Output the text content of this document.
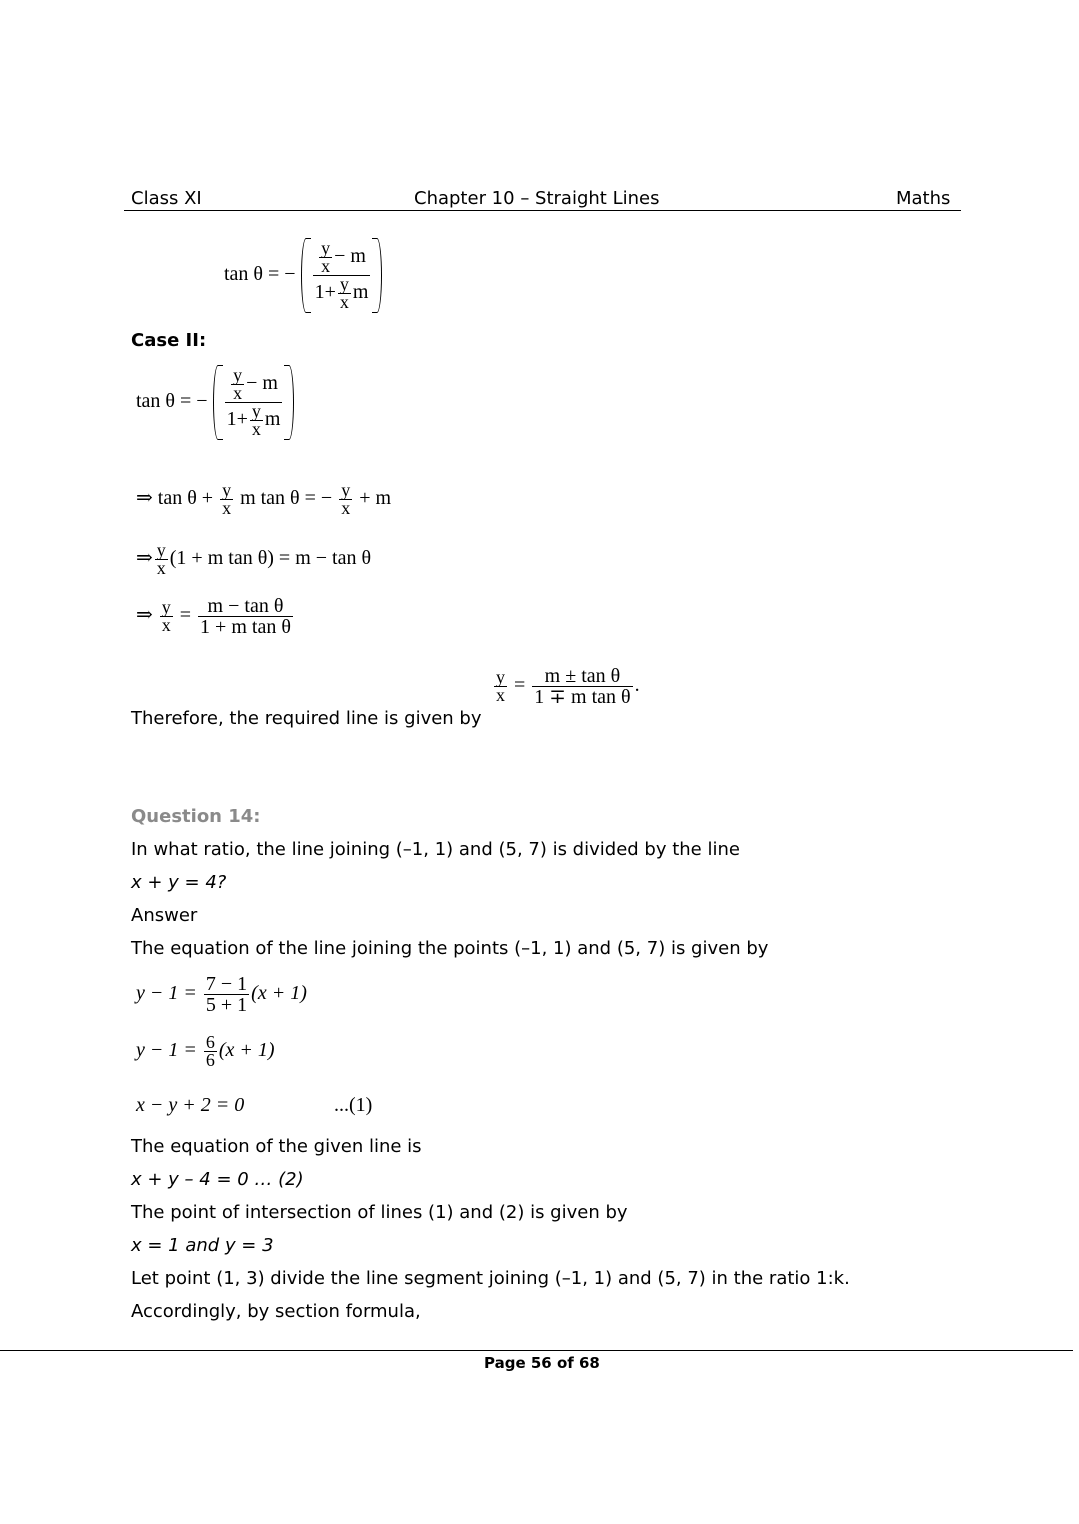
Class XI	Chapter 10 – Straight Lines	Maths
tan θ = − $\frac{\frac{y}{x} - m}{1+ \frac{y}{x} m}$
Case II:
tan θ = − $\frac{\frac{y}{x} - m}{1+ \frac{y}{x} m}$
⇒ $\tan \theta + \frac{y}{x}$ m tan θ = − $\frac{y}{x} + m$
⇒ $\frac{y}{x} (1 + m$ tan θ) = m − tan θ
⇒ $\frac{y}{x} = \frac{\text{m − tan θ}}{\text{1 + m tan θ}}$
Therefore, the required line is given by
$\frac{y}{x} = \frac{\text{m ± tan θ}}{\text{1 ∓ m tan θ}}$ .
Question 14:
In what ratio, the line joining (–1, 1) and (5, 7) is divided by the line
x + y = 4?
Answer
The equation of the line joining the points (–1, 1) and (5, 7) is given by
$y - 1 = \frac{7 - 1}{5 + 1} (x + 1)$
$y - 1 = \frac{6}{6} (x + 1)$
x − y + 2 = 0	...(1)
The equation of the given line is
x + y – 4 = 0 … (2)
The point of intersection of lines (1) and (2) is given by
x = 1 and y = 3
Let point (1, 3) divide the line segment joining (–1, 1) and (5, 7) in the ratio 1:k.
Accordingly, by section formula,
Page 56 of 68
